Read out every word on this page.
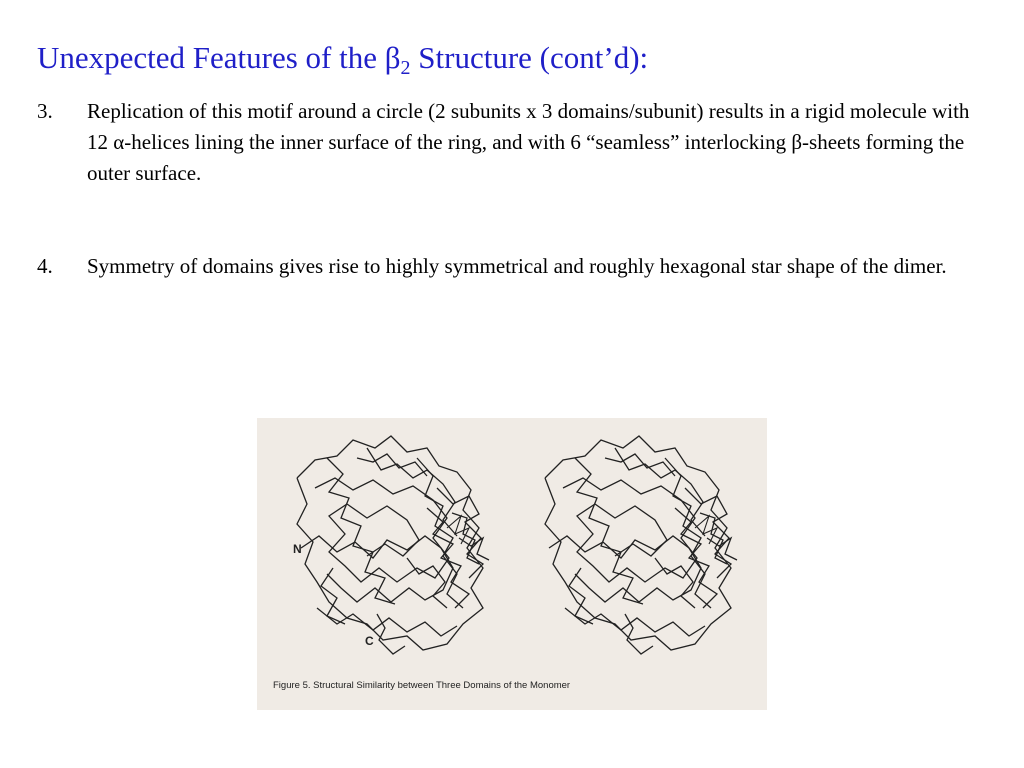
Unexpected Features of the $\beta_2$ Structure (cont’d):
3. Replication of this motif around a circle (2 subunits x 3 domains/subunit) results in a rigid molecule with 12 α-helices lining the inner surface of the ring, and with 6 “seamless” interlocking β-sheets forming the outer surface.
4. Symmetry of domains gives rise to highly symmetrical and roughly hexagonal star shape of the dimer.
N
C
Figure 5. Structural Similarity between Three Domains of the Monomer
